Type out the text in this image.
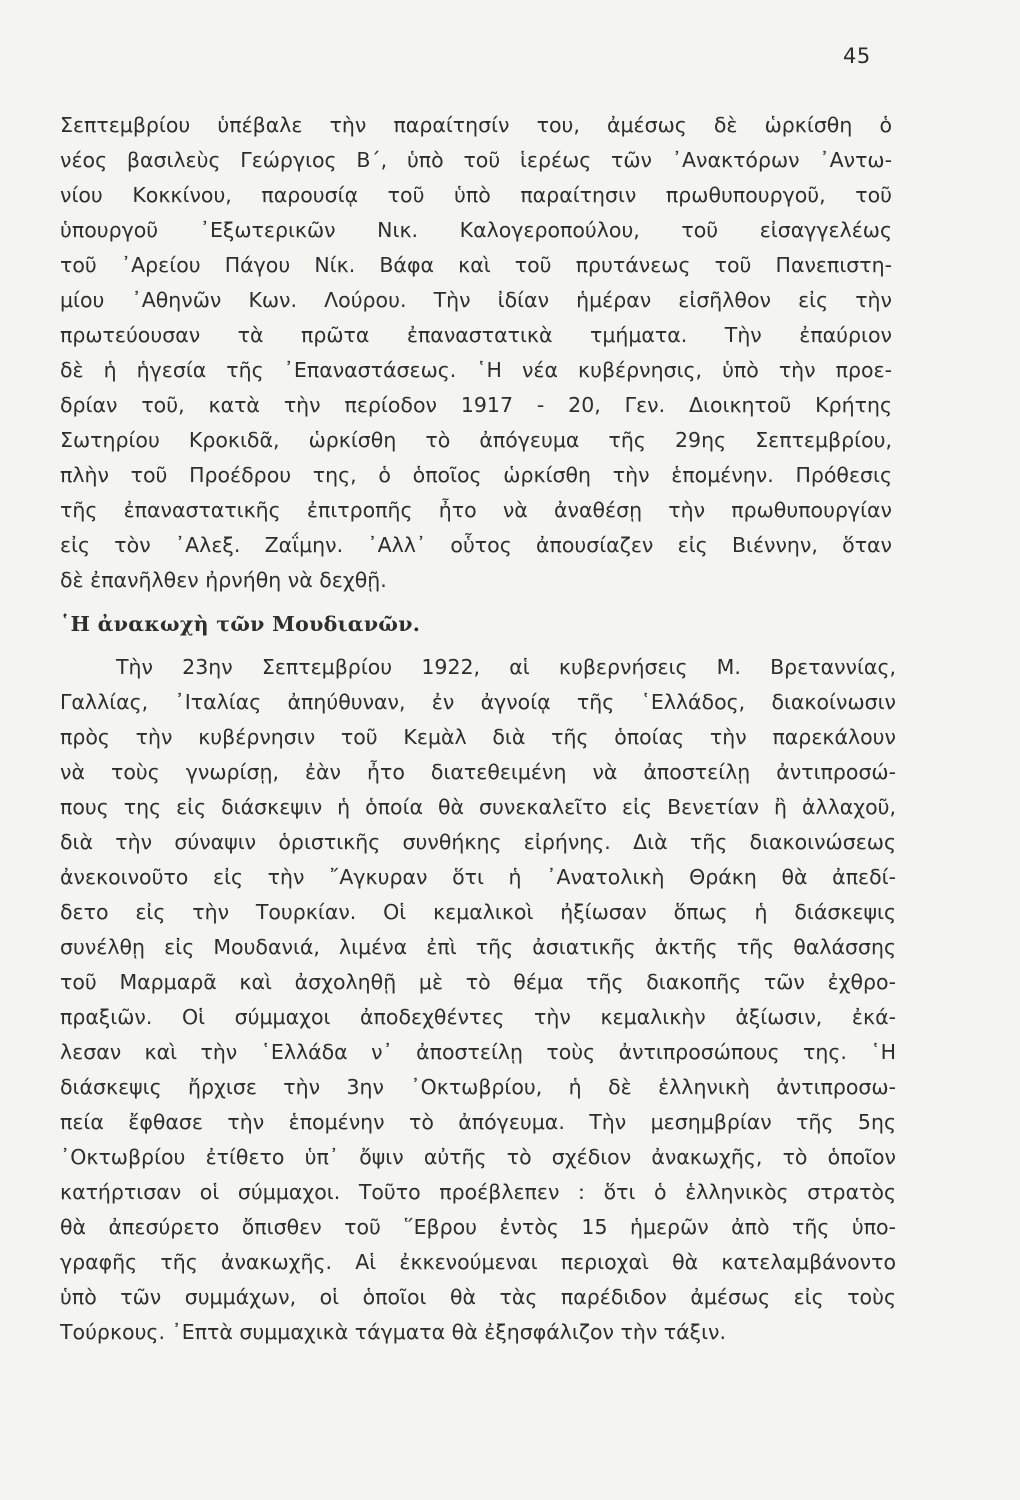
45
Σεπτεμβρίου ὑπέβαλε τὴν παραίτησίν του, ἀμέσως δὲ ὡρκίσθη ὁ
νέος βασιλεὺς Γεώργιος Β΄, ὑπὸ τοῦ ἱερέως τῶν ᾿Ανακτόρων ᾿Αντω-
νίου Κοκκίνου, παρουσίᾳ τοῦ ὑπὸ παραίτησιν πρωθυπουργοῦ, τοῦ
ὑπουργοῦ ᾿Εξωτερικῶν Νικ. Καλογεροπούλου, τοῦ εἰσαγγελέως
τοῦ ᾿Αρείου Πάγου Νίκ. Βάφα καὶ τοῦ πρυτάνεως τοῦ Πανεπιστη-
μίου ᾿Αθηνῶν Κων. Λούρου. Τὴν ἰδίαν ἡμέραν εἰσῆλθον εἰς τὴν
πρωτεύουσαν τὰ πρῶτα ἐπαναστατικὰ τμήματα. Τὴν ἐπαύριον
δὲ ἡ ἡγεσία τῆς ᾿Επαναστάσεως. ῾Η νέα κυβέρνησις, ὑπὸ τὴν προε-
δρίαν τοῦ, κατὰ τὴν περίοδον 1917 - 20, Γεν. Διοικητοῦ Κρήτης
Σωτηρίου Κροκιδᾶ, ὡρκίσθη τὸ ἀπόγευμα τῆς 29ης Σεπτεμβρίου,
πλὴν τοῦ Προέδρου της, ὁ ὁποῖος ὡρκίσθη τὴν ἑπομένην. Πρόθεσις
τῆς ἐπαναστατικῆς ἐπιτροπῆς ἦτο νὰ ἀναθέσῃ τὴν πρωθυπουργίαν
εἰς τὸν ᾿Αλεξ. Ζαΐμην. ᾿Αλλ᾿ οὗτος ἀπουσίαζεν εἰς Βιέννην, ὅταν
δὲ ἐπανῆλθεν ἠρνήθη νὰ δεχθῇ.
῾Η ἀνακωχὴ τῶν Μουδιανῶν.
Τὴν 23ην Σεπτεμβρίου 1922, αἱ κυβερνήσεις Μ. Βρεταννίας,
Γαλλίας, ᾿Ιταλίας ἀπηύθυναν, ἐν ἀγνοίᾳ τῆς ῾Ελλάδος, διακοίνωσιν
πρὸς τὴν κυβέρνησιν τοῦ Κεμὰλ διὰ τῆς ὁποίας τὴν παρεκάλουν
νὰ τοὺς γνωρίσῃ, ἐὰν ἦτο διατεθειμένη νὰ ἀποστείλῃ ἀντιπροσώ-
πους της εἰς διάσκεψιν ἡ ὁποία θὰ συνεκαλεῖτο εἰς Βενετίαν ἢ ἀλλαχοῦ,
διὰ τὴν σύναψιν ὁριστικῆς συνθήκης εἰρήνης. Διὰ τῆς διακοινώσεως
ἀνεκοινοῦτο εἰς τὴν ῎Αγκυραν ὅτι ἡ ᾿Ανατολικὴ Θράκη θὰ ἀπεδί-
δετο εἰς τὴν Τουρκίαν. Οἱ κεμαλικοὶ ἠξίωσαν ὅπως ἡ διάσκεψις
συνέλθῃ εἰς Μουδανιά, λιμένα ἐπὶ τῆς ἀσιατικῆς ἀκτῆς τῆς θαλάσσης
τοῦ Μαρμαρᾶ καὶ ἀσχοληθῇ μὲ τὸ θέμα τῆς διακοπῆς τῶν ἐχθρο-
πραξιῶν. Οἱ σύμμαχοι ἀποδεχθέντες τὴν κεμαλικὴν ἀξίωσιν, ἐκά-
λεσαν καὶ τὴν ῾Ελλάδα ν᾿ ἀποστείλῃ τοὺς ἀντιπροσώπους της. ῾Η
διάσκεψις ἤρχισε τὴν 3ην ᾿Οκτωβρίου, ἡ δὲ ἑλληνικὴ ἀντιπροσω-
πεία ἔφθασε τὴν ἑπομένην τὸ ἀπόγευμα. Τὴν μεσημβρίαν τῆς 5ης
᾿Οκτωβρίου ἐτίθετο ὑπ᾿ ὄψιν αὐτῆς τὸ σχέδιον ἀνακωχῆς, τὸ ὁποῖον
κατήρτισαν οἱ σύμμαχοι. Τοῦτο προέβλεπεν : ὅτι ὁ ἑλληνικὸς στρατὸς
θὰ ἀπεσύρετο ὄπισθεν τοῦ ῞Εβρου ἐντὸς 15 ἡμερῶν ἀπὸ τῆς ὑπο-
γραφῆς τῆς ἀνακωχῆς. Αἱ ἐκκενούμεναι περιοχαὶ θὰ κατελαμβάνοντο
ὑπὸ τῶν συμμάχων, οἱ ὁποῖοι θὰ τὰς παρέδιδον ἀμέσως εἰς τοὺς
Τούρκους. ᾿Επτὰ συμμαχικὰ τάγματα θὰ ἐξησφάλιζον τὴν τάξιν.
